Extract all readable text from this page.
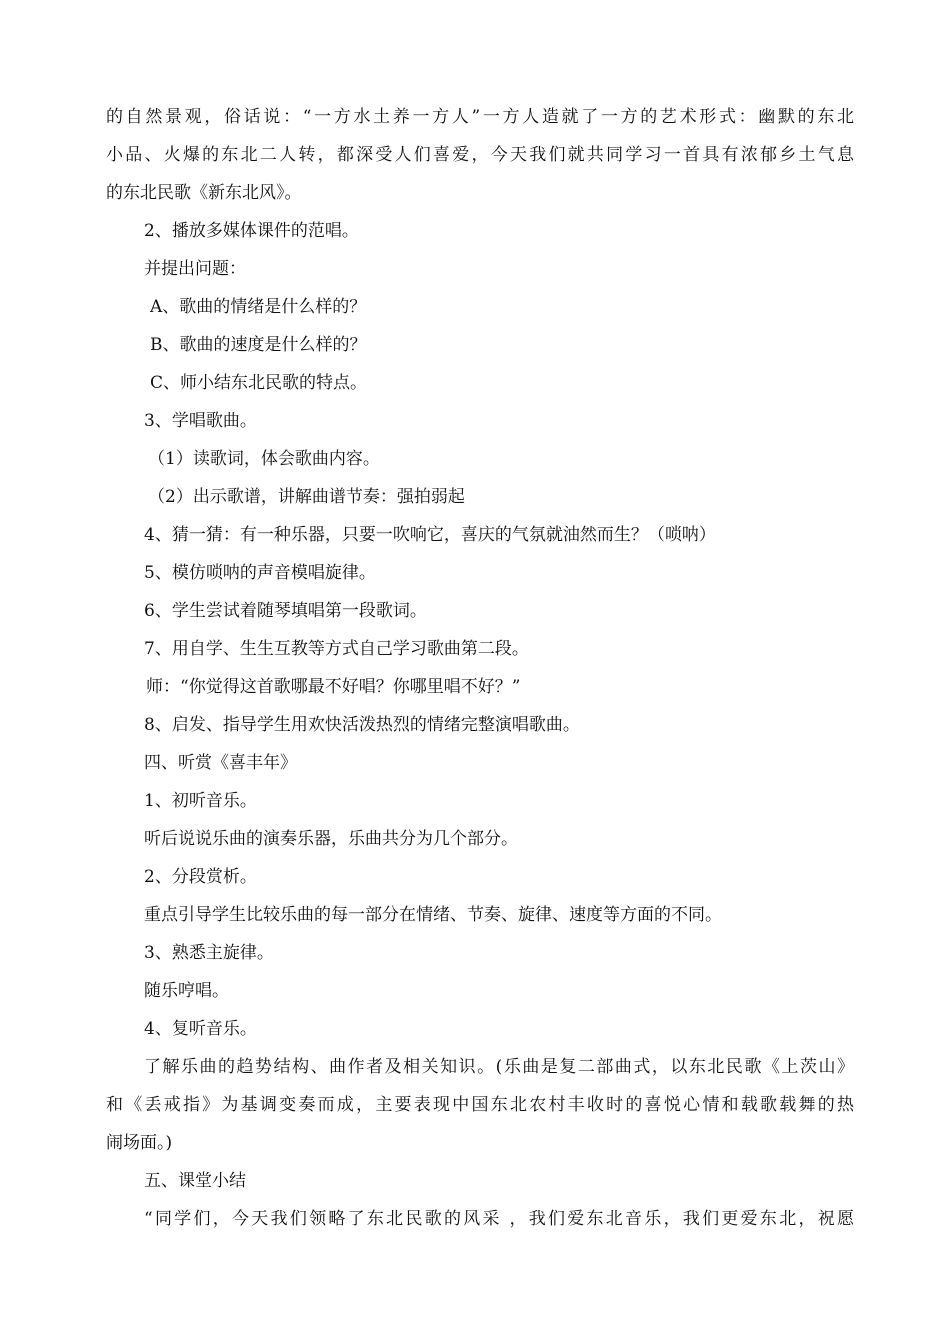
的自然景观，俗话说：“一方水土养一方人”一方人造就了一方的艺术形式：幽默的东北
小品、火爆的东北二人转，都深受人们喜爱，今天我们就共同学习一首具有浓郁乡土气息
的东北民歌《新东北风》。
2、播放多媒体课件的范唱。
并提出问题：
A、歌曲的情绪是什么样的？
B、歌曲的速度是什么样的？
C、师小结东北民歌的特点。
3、学唱歌曲。
（1）读歌词，体会歌曲内容。
（2）出示歌谱，讲解曲谱节奏：强拍弱起
4、猜一猜：有一种乐器，只要一吹响它，喜庆的气氛就油然而生？（唢呐）
5、模仿唢呐的声音模唱旋律。
6、学生尝试着随琴填唱第一段歌词。
7、用自学、生生互教等方式自己学习歌曲第二段。
师：“你觉得这首歌哪最不好唱？你哪里唱不好？”
8、启发、指导学生用欢快活泼热烈的情绪完整演唱歌曲。
四、听赏《喜丰年》
1、初听音乐。
听后说说乐曲的演奏乐器，乐曲共分为几个部分。
2、分段赏析。
重点引导学生比较乐曲的每一部分在情绪、节奏、旋律、速度等方面的不同。
3、熟悉主旋律。
随乐哼唱。
4、复听音乐。
了解乐曲的趋势结构、曲作者及相关知识。(乐曲是复二部曲式，以东北民歌《上茨山》
和《丢戒指》为基调变奏而成，主要表现中国东北农村丰收时的喜悦心情和载歌载舞的热
闹场面。)
五、课堂小结
“同学们，今天我们领略了东北民歌的风采 ，我们爱东北音乐，我们更爱东北，祝愿
